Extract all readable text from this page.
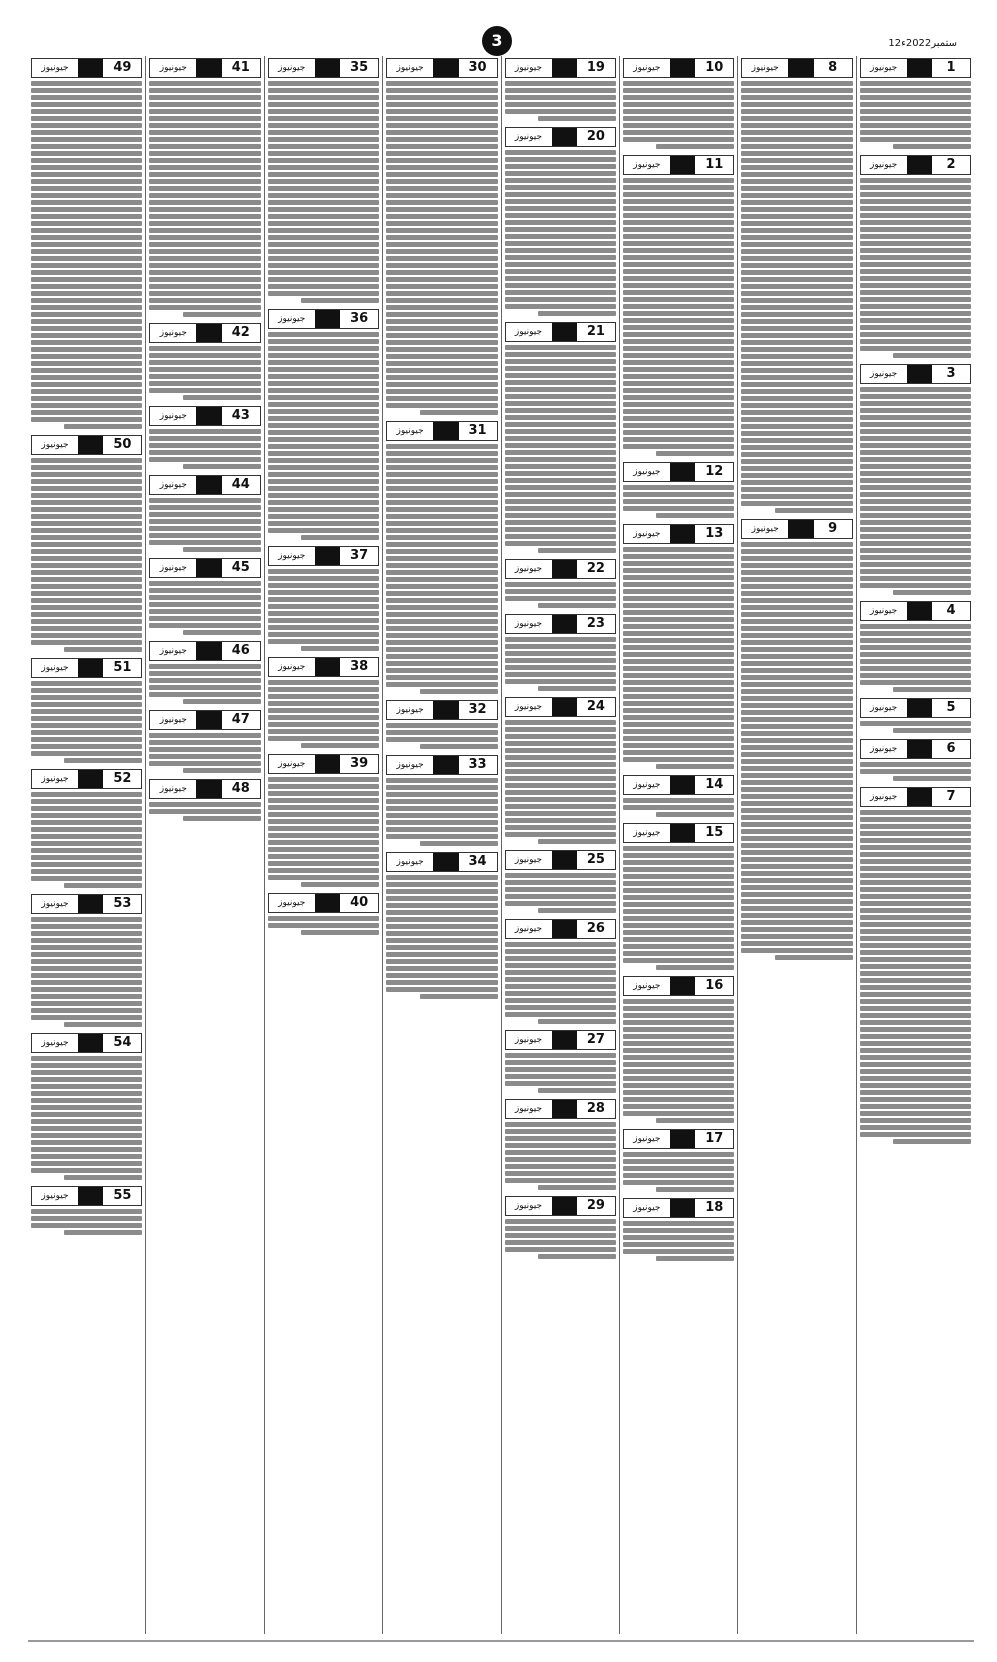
3	12ستمبر2022ء
جیونیوز	1
جیونیوز	2
جیونیوز	3
جیونیوز	4
جیونیوز	5
جیونیوز	6
جیونیوز	7
جیونیوز	8
جیونیوز	9
جیونیوز	10
جیونیوز	11
جیونیوز	12
جیونیوز	13
جیونیوز	14
جیونیوز	15
جیونیوز	16
جیونیوز	17
جیونیوز	18
جیونیوز	19
جیونیوز	20
جیونیوز	21
جیونیوز	22
جیونیوز	23
جیونیوز	24
جیونیوز	25
جیونیوز	26
جیونیوز	27
جیونیوز	28
جیونیوز	29
جیونیوز	30
جیونیوز	31
جیونیوز	32
جیونیوز	33
جیونیوز	34
جیونیوز	35
جیونیوز	36
جیونیوز	37
جیونیوز	38
جیونیوز	39
جیونیوز	40
جیونیوز	41
جیونیوز	42
جیونیوز	43
جیونیوز	44
جیونیوز	45
جیونیوز	46
جیونیوز	47
جیونیوز	48
جیونیوز	49
جیونیوز	50
جیونیوز	51
جیونیوز	52
جیونیوز	53
جیونیوز	54
جیونیوز	55
